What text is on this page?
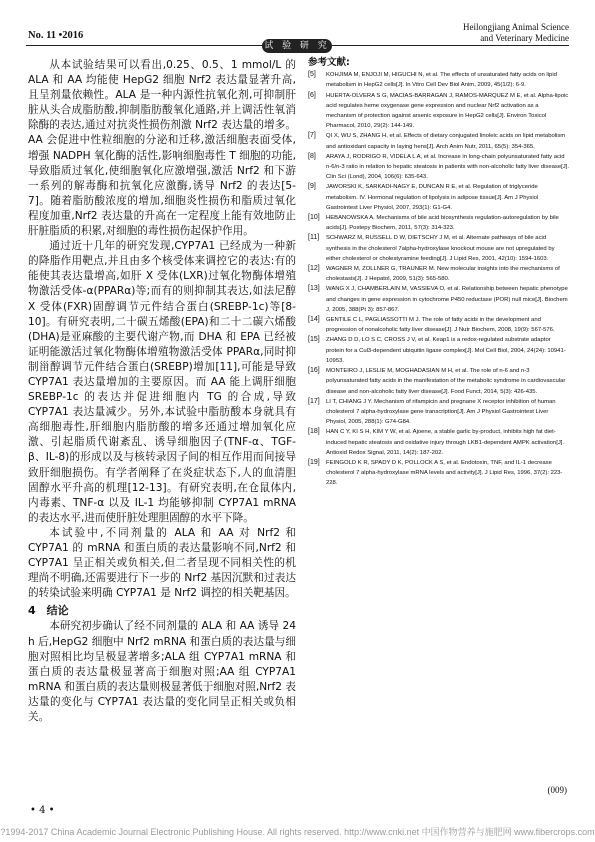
No. 11 •2016
Heilongjiang Animal Science
and Veterinary Medicine
试 验 研 究

从本试验结果可以看出,0.25、0.5、1 mmol/L 的 ALA 和 AA 均能使 HepG2 细胞 Nrf2 表达量显著升高,且呈剂量依赖性。ALA 是一种内源性抗氧化剂,可抑制肝脏从头合成脂肪酸,抑制脂肪酸氧化通路,并上调活性氧消除酶的表达,通过对抗炎性损伤剂激 Nrf2 表达量的增多。AA 会促进中性粒细胞的分泌和迁移,激活细胞表面受体,增强 NADPH 氧化酶的活性,影响细胞毒性 T 细胞的功能,导致脂质过氧化,使细胞氧化应激增强,激活 Nrf2 和下游一系列的解毒酶和抗氧化应激酶,诱导 Nrf2 的表达[5-7]。随着脂肪酸浓度的增加,细胞炎性损伤和脂质过氧化程度加重,Nrf2 表达量的升高在一定程度上能有效地防止肝脏脂质的积累,对细胞的毒性损伤起保护作用。

通过近十几年的研究发现,CYP7A1 已经成为一种新的降脂作用靶点,并且由多个核受体来调控它的表达:有的能使其表达量增高,如肝 X 受体(LXR)过氧化物酶体增殖物激活受体-α(PPARα)等;而有的则抑制其表达,如法尼醇 X 受体(FXR)固醇调节元件结合蛋白(SREBP-1c)等[8-10]。有研究表明,二十碳五烯酸(EPA)和二十二碳六烯酸(DHA)是亚麻酸的主要代谢产物,而 DHA 和 EPA 已经被证明能激活过氧化物酶体增殖物激活受体 PPARα,同时抑制甾醇调节元件结合蛋白(SREBP)增加[11],可能是导致 CYP7A1 表达量增加的主要原因。而 AA 能上调肝细胞 SREBP-1c 的表达并促进细胞内 TG 的合成,导致 CYP7A1 表达量减少。另外,本试验中脂肪酸本身就具有高细胞毒性,肝细胞内脂肪酸的增多还通过增加氧化应激、引起脂质代谢紊乱、诱导细胞因子(TNF-α、TGF-β、IL-8)的形成以及与核转录因子间的相互作用而间接导致肝细胞损伤。有学者阐释了在炎症状态下,人的血清胆固醇水平升高的机理[12-13]。有研究表明,在仓鼠体内,内毒素、TNF-α 以及 IL-1 均能够抑制 CYP7A1 mRNA 的表达水平,进而使肝脏处理胆固醇的水平下降。

本试验中,不同剂量的 ALA 和 AA 对 Nrf2 和 CYP7A1 的 mRNA 和蛋白质的表达量影响不同,Nrf2 和 CYP7A1 呈正相关或负相关,但二者呈现不同相关性的机理尚不明确,还需要进行下一步的 Nrf2 基因沉默和过表达的转染试验来明确 CYP7A1 是 Nrf2 调控的相关靶基因。

4　结论

本研究初步确认了经不同剂量的 ALA 和 AA 诱导 24 h 后,HepG2 细胞中 Nrf2 mRNA 和蛋白质的表达量与细胞对照相比均呈极显著增多;ALA 组 CYP7A1 mRNA 和蛋白质的表达量极显著高于细胞对照;AA 组 CYP7A1 mRNA 和蛋白质的表达量则极显著低于细胞对照,Nrf2 表达量的变化与 CYP7A1 表达量的变化同呈正相关或负相关。

参考文献:
[5] KOHJIMA M, ENJOJI M, HIGUCHI N, et al. The effects of unsaturated fatty acids on lipid metabolism in HepG2 cells[J]. In Vitro Cell Dev Biol Anim, 2009, 45(1/2): 6-9.
[6] HUERTA-OLVERA S G, MACIAS-BARRAGAN J, RAMOS-MARQUEZ M E, et al. Alpha-lipoic acid regulates heme oxygenase gene expression and nuclear Nrf2 activation as a mechanism of protection against arsenic exposure in HepG2 cells[J]. Environ Toxicol Pharmacol, 2010, 29(2): 144-149.
[7] QI X, WU S, ZHANG H, et al. Effects of dietary conjugated linoleic acids on lipid metabolism and antioxidant capacity in laying hens[J]. Arch Anim Nutr, 2011, 65(5): 354-365.
[8] ARAYA J, RODRIGO R, VIDELA L A, et al. Increase in long-chain polyunsaturated fatty acid n-6/n-3 ratio in relation to hepatic steatosis in patients with non-alcoholic fatty liver disease[J]. Clin Sci (Lond), 2004, 106(6): 635-643.
[9] JAWORSKI K, SARKADI-NAGY E, DUNCAN R E, et al. Regulation of triglyceride metabolism. IV. Hormonal regulation of lipolysis in adipose tissue[J]. Am J Physiol Gastrointest Liver Physiol, 2007, 293(1): G1-G4.
[10] HEBANOWSKA A. Mechanisms of bile acid biosynthesis regulation-autoregulation by bile acids[J]. Postepy Biochem, 2011, 57(3): 314-323.
[11] SCHWARZ M, RUSSELL D W, DIETSCHY J M, et al. Alternate pathways of bile acid synthesis in the cholesterol 7alpha-hydroxylase knockout mouse are not upregulated by either cholesterol or cholestyramine feeding[J]. J Lipid Res, 2001, 42(10): 1594-1603.
[12] WAGNER M, ZOLLNER G, TRAUNER M. New molecular insights into the mechanisms of cholestasis[J]. J Hepatol, 2009, 51(3): 565-580.
[13] WANG X J, CHAMBERLAIN M, VASSIEVA O, et al. Relationship between hepatic phenotype and changes in gene expression in cytochrome P450 reductase (POR) null mice[J]. Biochem J, 2005, 388(Pt 3): 857-867.
[14] GENTILE C L, PAGLIASSOTTI M J. The role of fatty acids in the development and progression of nonalcoholic fatty liver disease[J]. J Nutr Biochem, 2008, 19(9): 567-576.
[15] ZHANG D D, LO S C, CROSS J V, et al. Keap1 is a redox-regulated substrate adaptor protein for a Cul3-dependent ubiquitin ligase complex[J]. Mol Cell Biol, 2004, 24(24): 10941-10953.
[16] MONTEIRO J, LESLIE M, MOGHADASIAN M H, et al. The role of n-6 and n-3 polyunsaturated fatty acids in the manifestation of the metabolic syndrome in cardiovascular disease and non-alcoholic fatty liver disease[J]. Food Funct, 2014, 5(3): 426-435.
[17] LI T, CHIANG J Y. Mechanism of rifampicin and pregnane X receptor inhibition of human cholesterol 7 alpha-hydroxylase gene transcription[J]. Am J Physiol Gastrointest Liver Physiol, 2005, 288(1): G74-G84.
[18] HAN C Y, KI S H, KIM Y W, et al. Ajoene, a stable garlic by-product, inhibits high fat diet-induced hepatic steatosis and oxidative injury through LKB1-dependent AMPK activation[J]. Antioxid Redox Signal, 2011, 14(2): 187-202.
[19] FEINGOLD K R, SPADY D K, POLLOCK A S, et al. Endotoxin, TNF, and IL-1 decrease cholesterol 7 alpha-hydroxylase mRNA levels and activity[J]. J Lipid Res, 1996, 37(2): 223-228.
(009)
• 4 •
?1994-2017 China Academic Journal Electronic Publishing House. All rights reserved. http://www.cnki.net 中国作物营养与施肥网 www.fibercrops.com
